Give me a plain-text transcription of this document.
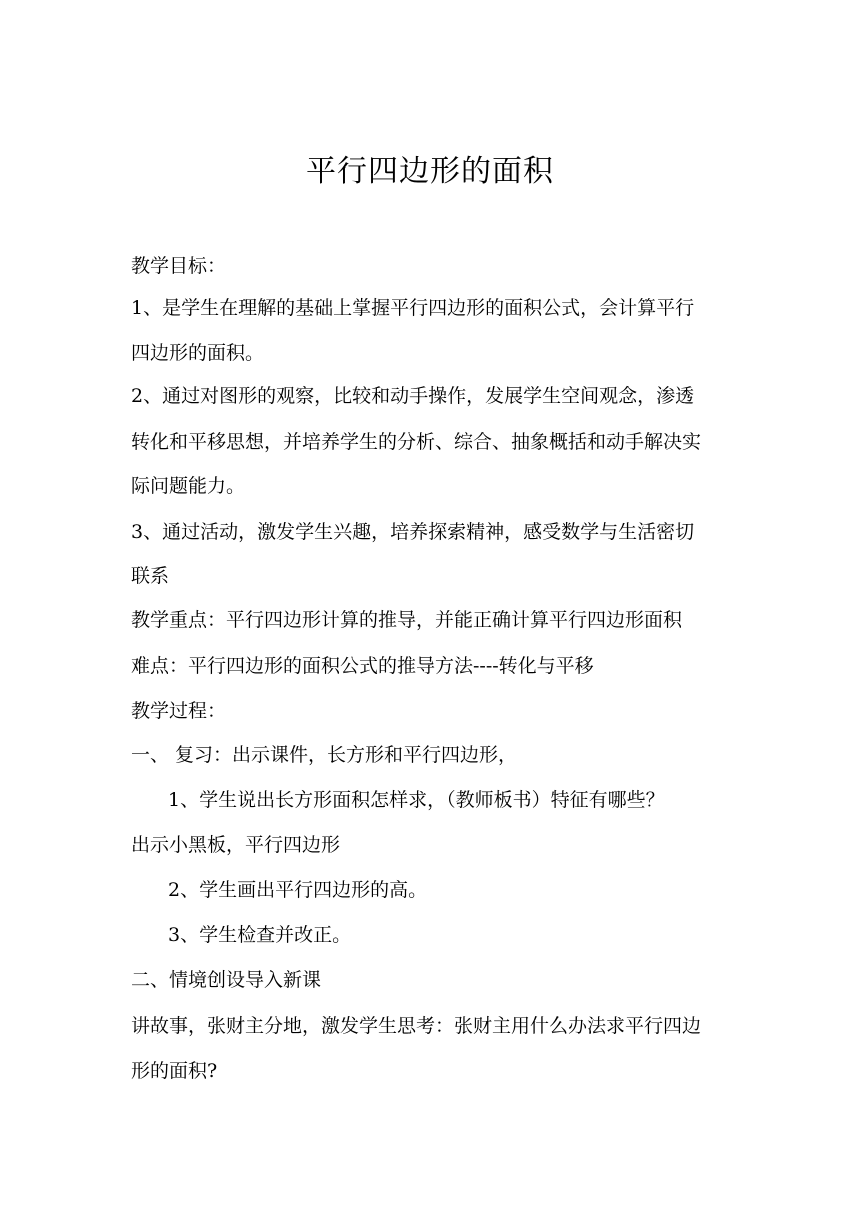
平行四边形的面积

教学目标：

1、是学生在理解的基础上掌握平行四边形的面积公式，会计算平行

四边形的面积。

2、通过对图形的观察，比较和动手操作，发展学生空间观念，渗透

转化和平移思想，并培养学生的分析、综合、抽象概括和动手解决实

际问题能力。

3、通过活动，激发学生兴趣，培养探索精神，感受数学与生活密切

联系

教学重点：平行四边形计算的推导，并能正确计算平行四边形面积

难点：平行四边形的面积公式的推导方法----转化与平移

教学过程：

一、 复习：出示课件，长方形和平行四边形，

1、学生说出长方形面积怎样求，（教师板书）特征有哪些？

出示小黑板，平行四边形

2、学生画出平行四边形的高。

3、学生检查并改正。

二、情境创设导入新课

讲故事，张财主分地，激发学生思考：张财主用什么办法求平行四边

形的面积?
